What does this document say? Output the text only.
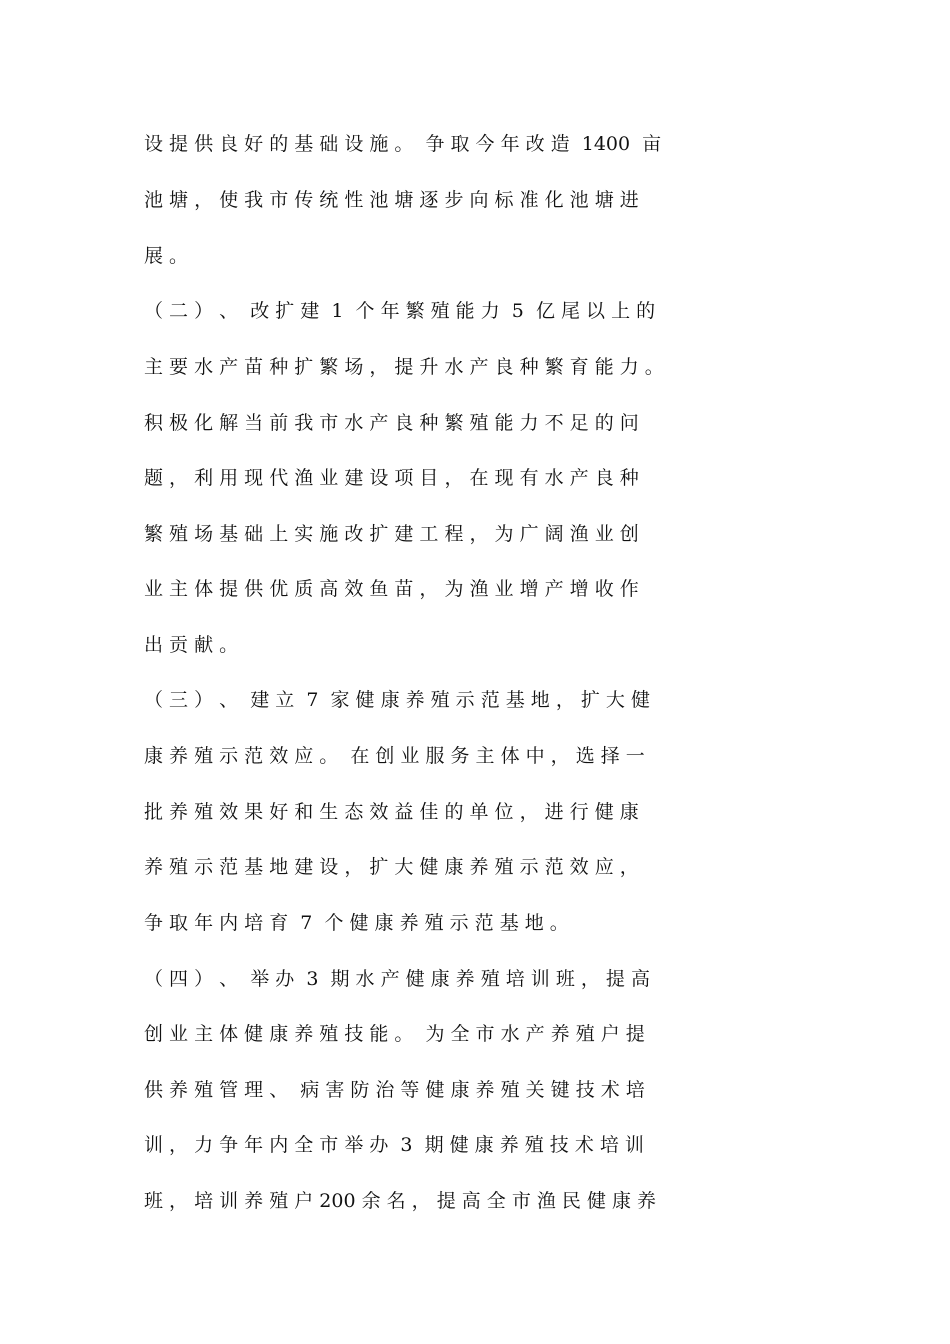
设 提 供 良 好 的 基 础 设 施 。  争 取 今 年 改 造  1400  亩
池 塘 ， 使 我 市 传 统 性 池 塘 逐 步 向 标 准 化 池 塘 进
展 。
（ 二 ） 、  改 扩 建  1  个 年 繁 殖 能 力  5  亿 尾 以 上 的
主 要 水 产 苗 种 扩 繁 场 ， 提 升 水 产 良 种 繁 育 能 力 。
积 极 化 解 当 前 我 市 水 产 良 种 繁 殖 能 力 不 足 的 问
题 ， 利 用 现 代 渔 业 建 设 项 目 ， 在 现 有 水 产 良 种
繁 殖 场 基 础 上 实 施 改 扩 建 工 程 ， 为 广 阔 渔 业 创
业 主 体 提 供 优 质 高 效 鱼 苗 ， 为 渔 业 增 产 增 收 作
出 贡 献 。
（ 三 ） 、  建 立  7  家 健 康 养 殖 示 范 基 地 ， 扩 大 健
康 养 殖 示 范 效 应 。  在 创 业 服 务 主 体 中 ， 选 择 一
批 养 殖 效 果 好 和 生 态 效 益 佳 的 单 位 ， 进 行 健 康
养 殖 示 范 基 地 建 设 ， 扩 大 健 康 养 殖 示 范 效 应 ，
争 取 年 内 培 育  7  个 健 康 养 殖 示 范 基 地 。
（ 四 ） 、  举 办  3  期 水 产 健 康 养 殖 培 训 班 ， 提 高
创 业 主 体 健 康 养 殖 技 能 。  为 全 市 水 产 养 殖 户 提
供 养 殖 管 理 、  病 害 防 治 等 健 康 养 殖 关 键 技 术 培
训 ， 力 争 年 内 全 市 举 办  3  期 健 康 养 殖 技 术 培 训
班 ， 培 训 养 殖 户 200 余 名 ， 提 高 全 市 渔 民 健 康 养
